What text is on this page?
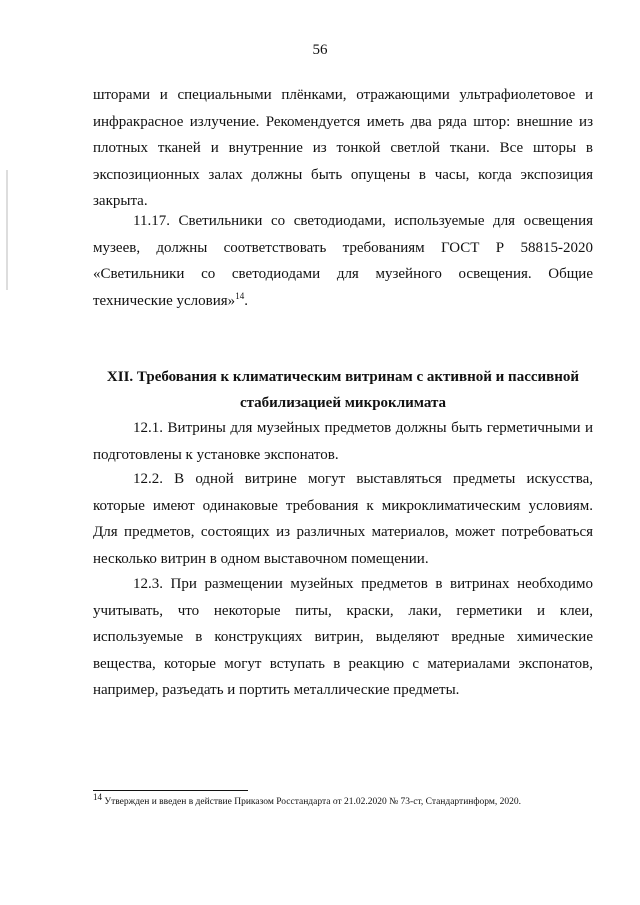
56

шторами и специальными плёнками, отражающими ультрафиолетовое и инфракрасное излучение. Рекомендуется иметь два ряда штор: внешние из плотных тканей и внутренние из тонкой светлой ткани. Все шторы в экспозиционных залах должны быть опущены в часы, когда экспозиция закрыта.

11.17. Светильники со светодиодами, используемые для освещения музеев, должны соответствовать требованиям ГОСТ Р 58815-2020 «Светильники со светодиодами для музейного освещения. Общие технические условия»$^{14}$.

XII. Требования к климатическим витринам с активной и пассивной
стабилизацией микроклимата

12.1. Витрины для музейных предметов должны быть герметичными и подготовлены к установке экспонатов.

12.2. В одной витрине могут выставляться предметы искусства, которые имеют одинаковые требования к микроклиматическим условиям. Для предметов, состоящих из различных материалов, может потребоваться несколько витрин в одном выставочном помещении.

12.3. При размещении музейных предметов в витринах необходимо учитывать, что некоторые питы, краски, лаки, герметики и клеи, используемые в конструкциях витрин, выделяют вредные химические вещества, которые могут вступать в реакцию с материалами экспонатов, например, разъедать и портить металлические предметы.

14 Утвержден и введен в действие Приказом Росстандарта от 21.02.2020 № 73-ст, Стандартинформ, 2020.
